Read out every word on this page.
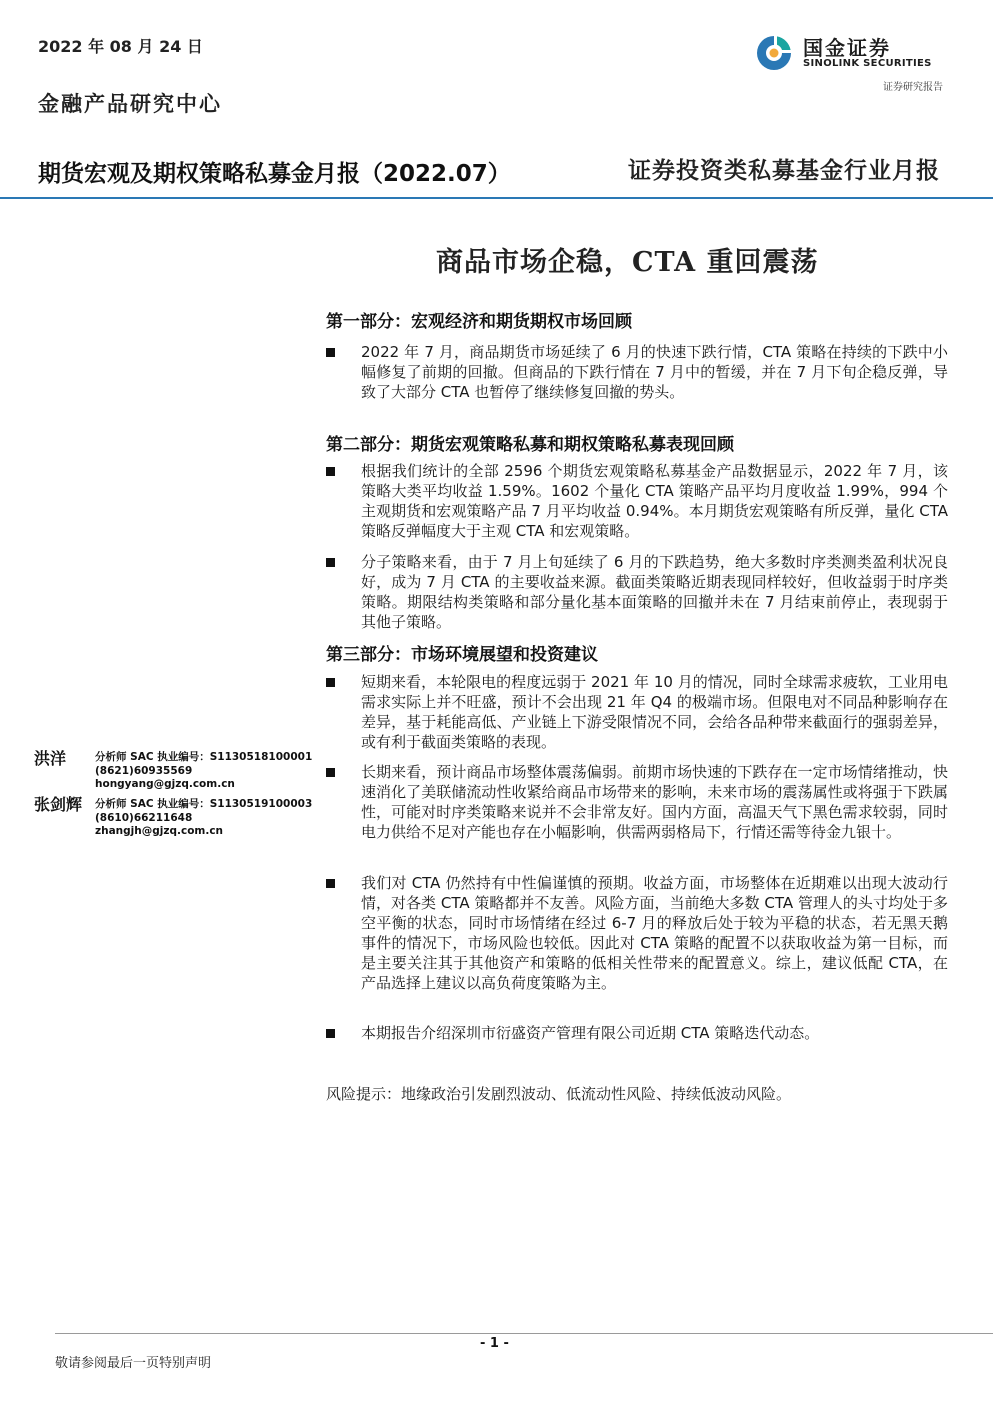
2022 年 08 月 24 日
金融产品研究中心
国金证券
SINOLINK SECURITIES
证券研究报告
期货宏观及期权策略私募金月报（2022.07）	证券投资类私募基金行业月报
商品市场企稳，CTA 重回震荡
第一部分：宏观经济和期货期权市场回顾
2022 年 7 月，商品期货市场延续了 6 月的快速下跌行情，CTA 策略在持续的下跌中小幅修复了前期的回撤。但商品的下跌行情在 7 月中的暂缓，并在 7 月下旬企稳反弹，导致了大部分 CTA 也暂停了继续修复回撤的势头。
第二部分：期货宏观策略私募和期权策略私募表现回顾
根据我们统计的全部 2596 个期货宏观策略私募基金产品数据显示，2022 年 7 月，该策略大类平均收益 1.59%。1602 个量化 CTA 策略产品平均月度收益 1.99%，994 个主观期货和宏观策略产品 7 月平均收益 0.94%。本月期货宏观策略有所反弹，量化 CTA 策略反弹幅度大于主观 CTA 和宏观策略。
分子策略来看，由于 7 月上旬延续了 6 月的下跌趋势，绝大多数时序类测类盈利状况良好，成为 7 月 CTA 的主要收益来源。截面类策略近期表现同样较好，但收益弱于时序类策略。期限结构类策略和部分量化基本面策略的回撤并未在 7 月结束前停止，表现弱于其他子策略。
第三部分：市场环境展望和投资建议
短期来看，本轮限电的程度远弱于 2021 年 10 月的情况，同时全球需求疲软，工业用电需求实际上并不旺盛，预计不会出现 21 年 Q4 的极端市场。但限电对不同品种影响存在差异，基于耗能高低、产业链上下游受限情况不同，会给各品种带来截面行的强弱差异，或有利于截面类策略的表现。
长期来看，预计商品市场整体震荡偏弱。前期市场快速的下跌存在一定市场情绪推动，快速消化了美联储流动性收紧给商品市场带来的影响，未来市场的震荡属性或将强于下跌属性，可能对时序类策略来说并不会非常友好。国内方面，高温天气下黑色需求较弱，同时电力供给不足对产能也存在小幅影响，供需两弱格局下，行情还需等待金九银十。
我们对 CTA 仍然持有中性偏谨慎的预期。收益方面，市场整体在近期难以出现大波动行情，对各类 CTA 策略都并不友善。风险方面，当前绝大多数 CTA 管理人的头寸均处于多空平衡的状态，同时市场情绪在经过 6-7 月的释放后处于较为平稳的状态，若无黑天鹅事件的情况下，市场风险也较低。因此对 CTA 策略的配置不以获取收益为第一目标，而是主要关注其于其他资产和策略的低相关性带来的配置意义。综上，建议低配 CTA，在产品选择上建议以高负荷度策略为主。
本期报告介绍深圳市衍盛资产管理有限公司近期 CTA 策略迭代动态。
风险提示：地缘政治引发剧烈波动、低流动性风险、持续低波动风险。
洪洋	分析师 SAC 执业编号：S1130518100001
(8621)60935569
hongyang@gjzq.com.cn
张剑辉 分析师 SAC 执业编号：S1130519100003
(8610)66211648
zhangjh@gjzq.com.cn
- 1 -
敬请参阅最后一页特别声明
